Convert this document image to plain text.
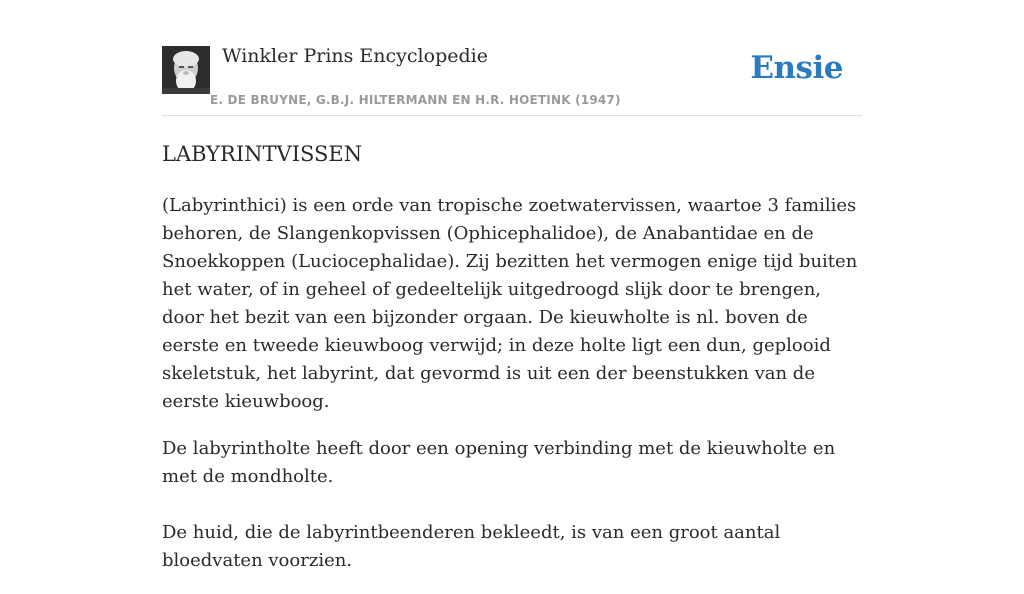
Winkler Prins Encyclopedie
E. DE BRUYNE, G.B.J. HILTERMANN EN H.R. HOETINK (1947)
Ensie
LABYRINTVISSEN

(Labyrinthici) is een orde van tropische zoetwatervissen, waartoe 3 families behoren, de Slangenkopvissen (Ophicephalidoe), de Anabantidae en de Snoekkoppen (Luciocephalidae). Zij bezitten het vermogen enige tijd buiten het water, of in geheel of gedeeltelijk uitgedroogd slijk door te brengen, door het bezit van een bijzonder orgaan. De kieuwholte is nl. boven de eerste en tweede kieuwboog verwijd; in deze holte ligt een dun, geplooid skeletstuk, het labyrint, dat gevormd is uit een der beenstukken van de eerste kieuwboog.

De labyrintholte heeft door een opening verbinding met de kieuwholte en met de mondholte.

De huid, die de labyrintbeenderen bekleedt, is van een groot aantal bloedvaten voorzien.
